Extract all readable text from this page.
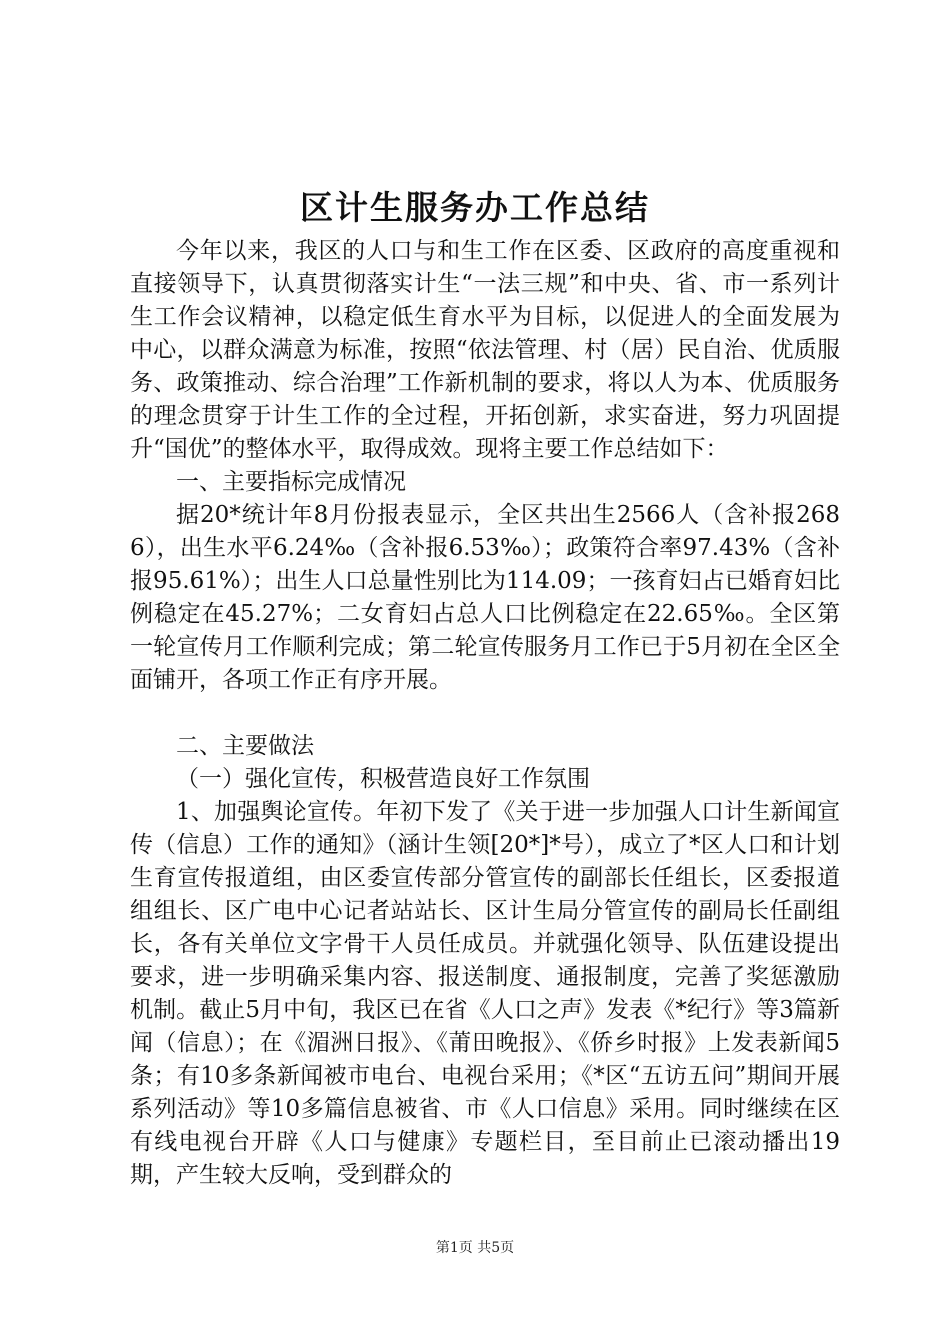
区计生服务办工作总结

今年以来，我区的人口与和生工作在区委、区政府的高度重视和直接领导下，认真贯彻落实计生“一法三规”和中央、省、市一系列计生工作会议精神，以稳定低生育水平为目标，以促进人的全面发展为中心，以群众满意为标准，按照“依法管理、村（居）民自治、优质服务、政策推动、综合治理”工作新机制的要求，将以人为本、优质服务的理念贯穿于计生工作的全过程，开拓创新，求实奋进，努力巩固提升“国优”的整体水平，取得成效。现将主要工作总结如下：

一、主要指标完成情况

据20*统计年8月份报表显示，全区共出生2566人（含补报2686），出生水平6.24‰（含补报6.53‰）；政策符合率97.43%（含补报95.61%）；出生人口总量性别比为114.09；一孩育妇占已婚育妇比例稳定在45.27%；二女育妇占总人口比例稳定在22.65‰。全区第一轮宣传月工作顺利完成；第二轮宣传服务月工作已于5月初在全区全面铺开，各项工作正有序开展。

二、主要做法

（一）强化宣传，积极营造良好工作氛围

1、加强舆论宣传。年初下发了《关于进一步加强人口计生新闻宣传（信息）工作的通知》（涵计生领[20*]*号），成立了*区人口和计划生育宣传报道组，由区委宣传部分管宣传的副部长任组长，区委报道组组长、区广电中心记者站站长、区计生局分管宣传的副局长任副组长，各有关单位文字骨干人员任成员。并就强化领导、队伍建设提出要求，进一步明确采集内容、报送制度、通报制度，完善了奖惩激励机制。截止5月中旬，我区已在省《人口之声》发表《*纪行》等3篇新闻（信息）；在《湄洲日报》、《莆田晚报》、《侨乡时报》上发表新闻5条；有10多条新闻被市电台、电视台采用；《*区“五访五问”期间开展系列活动》等10多篇信息被省、市《人口信息》采用。同时继续在区有线电视台开辟《人口与健康》专题栏目，至目前止已滚动播出19期，产生较大反响，受到群众的

第1页 共5页
